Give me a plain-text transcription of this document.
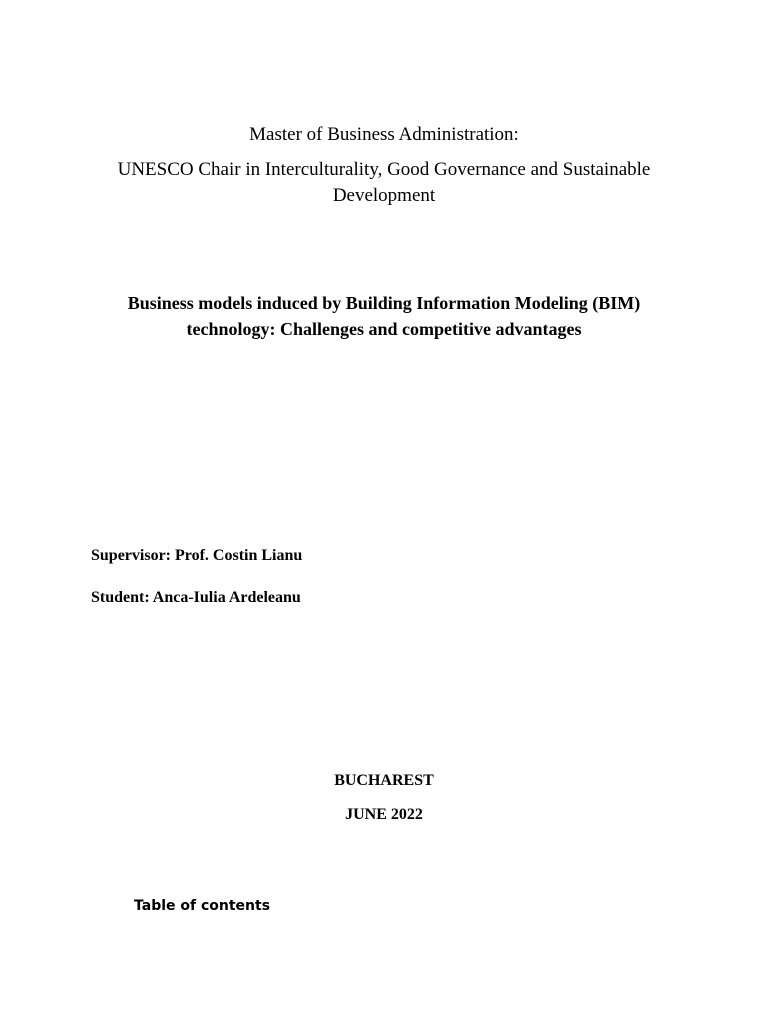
Master of Business Administration:
UNESCO Chair in Interculturality, Good Governance and Sustainable
Development
Business models induced by Building Information Modeling (BIM)
technology: Challenges and competitive advantages
Supervisor: Prof. Costin Lianu
Student: Anca-Iulia Ardeleanu
BUCHAREST
JUNE 2022
Table of contents
